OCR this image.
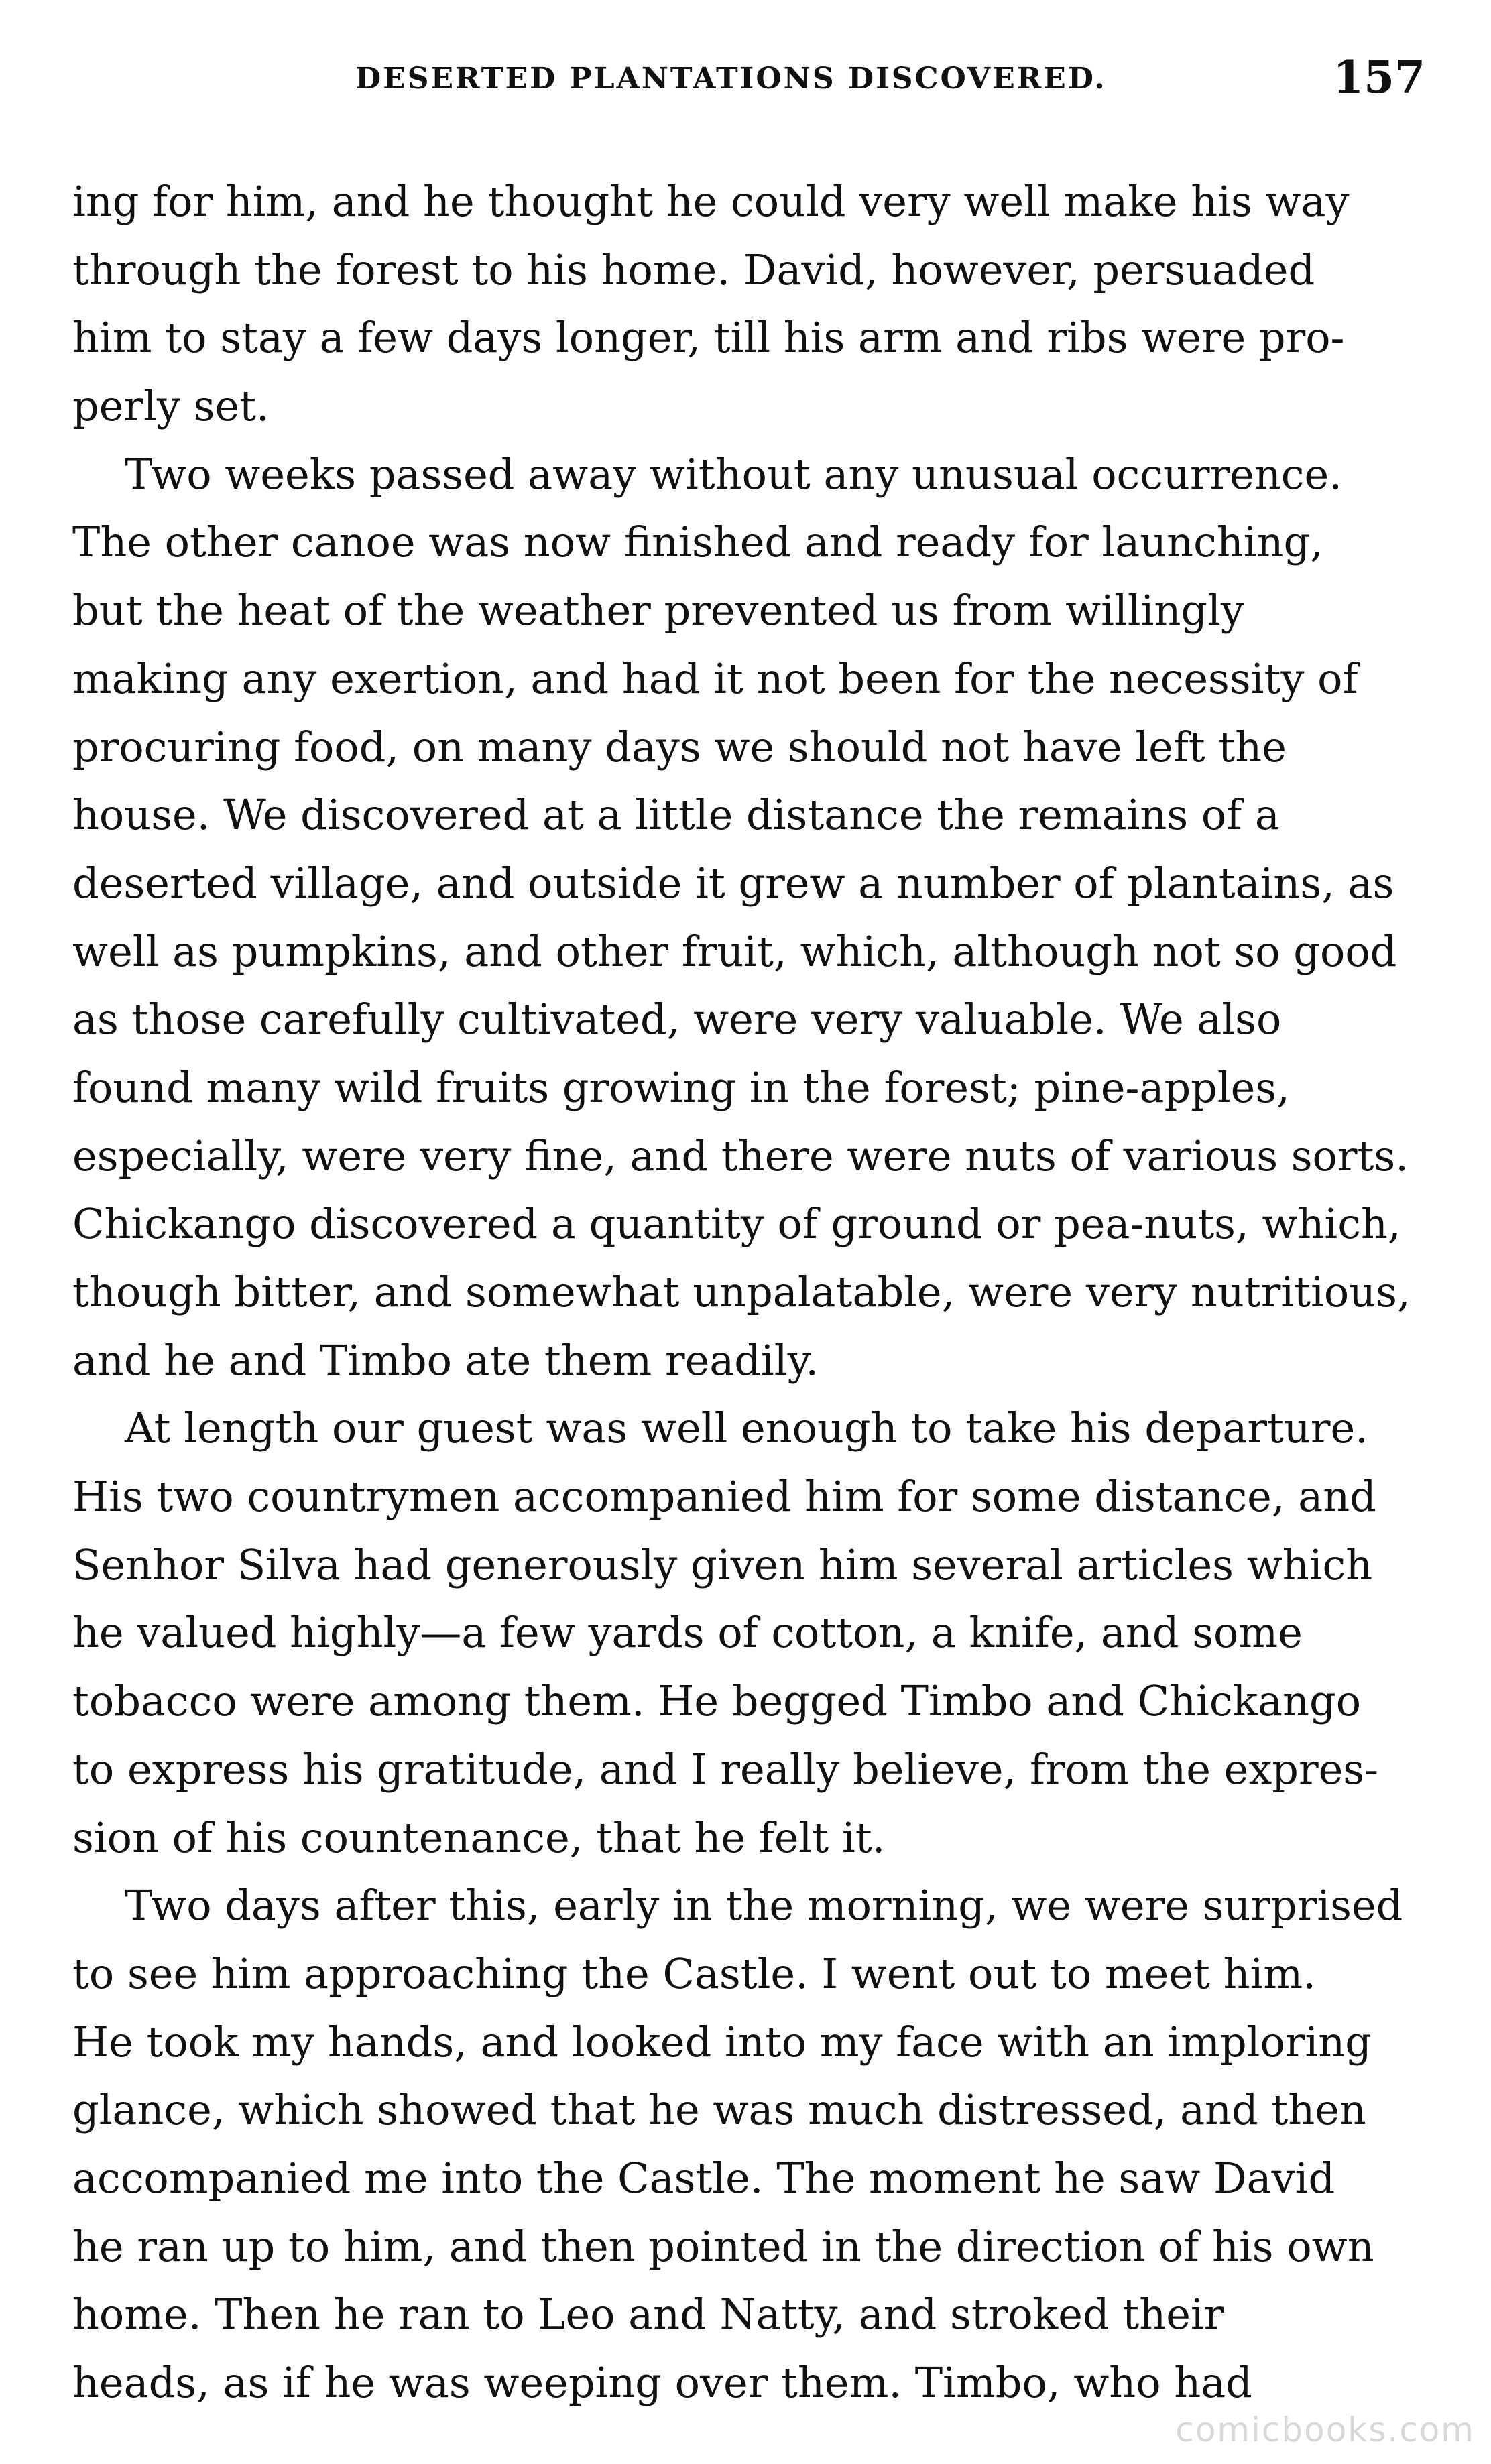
DESERTED PLANTATIONS DISCOVERED.	157
ing for him, and he thought he could very well make his way
through the forest to his home. David, however, persuaded
him to stay a few days longer, till his arm and ribs were pro-
perly set.
Two weeks passed away without any unusual occurrence.
The other canoe was now finished and ready for launching,
but the heat of the weather prevented us from willingly
making any exertion, and had it not been for the necessity of
procuring food, on many days we should not have left the
house. We discovered at a little distance the remains of a
deserted village, and outside it grew a number of plantains, as
well as pumpkins, and other fruit, which, although not so good
as those carefully cultivated, were very valuable. We also
found many wild fruits growing in the forest; pine-apples,
especially, were very fine, and there were nuts of various sorts.
Chickango discovered a quantity of ground or pea-nuts, which,
though bitter, and somewhat unpalatable, were very nutritious,
and he and Timbo ate them readily.
At length our guest was well enough to take his departure.
His two countrymen accompanied him for some distance, and
Senhor Silva had generously given him several articles which
he valued highly—a few yards of cotton, a knife, and some
tobacco were among them. He begged Timbo and Chickango
to express his gratitude, and I really believe, from the expres-
sion of his countenance, that he felt it.
Two days after this, early in the morning, we were surprised
to see him approaching the Castle. I went out to meet him.
He took my hands, and looked into my face with an imploring
glance, which showed that he was much distressed, and then
accompanied me into the Castle. The moment he saw David
he ran up to him, and then pointed in the direction of his own
home. Then he ran to Leo and Natty, and stroked their
heads, as if he was weeping over them. Timbo, who had
comicbooks.com
